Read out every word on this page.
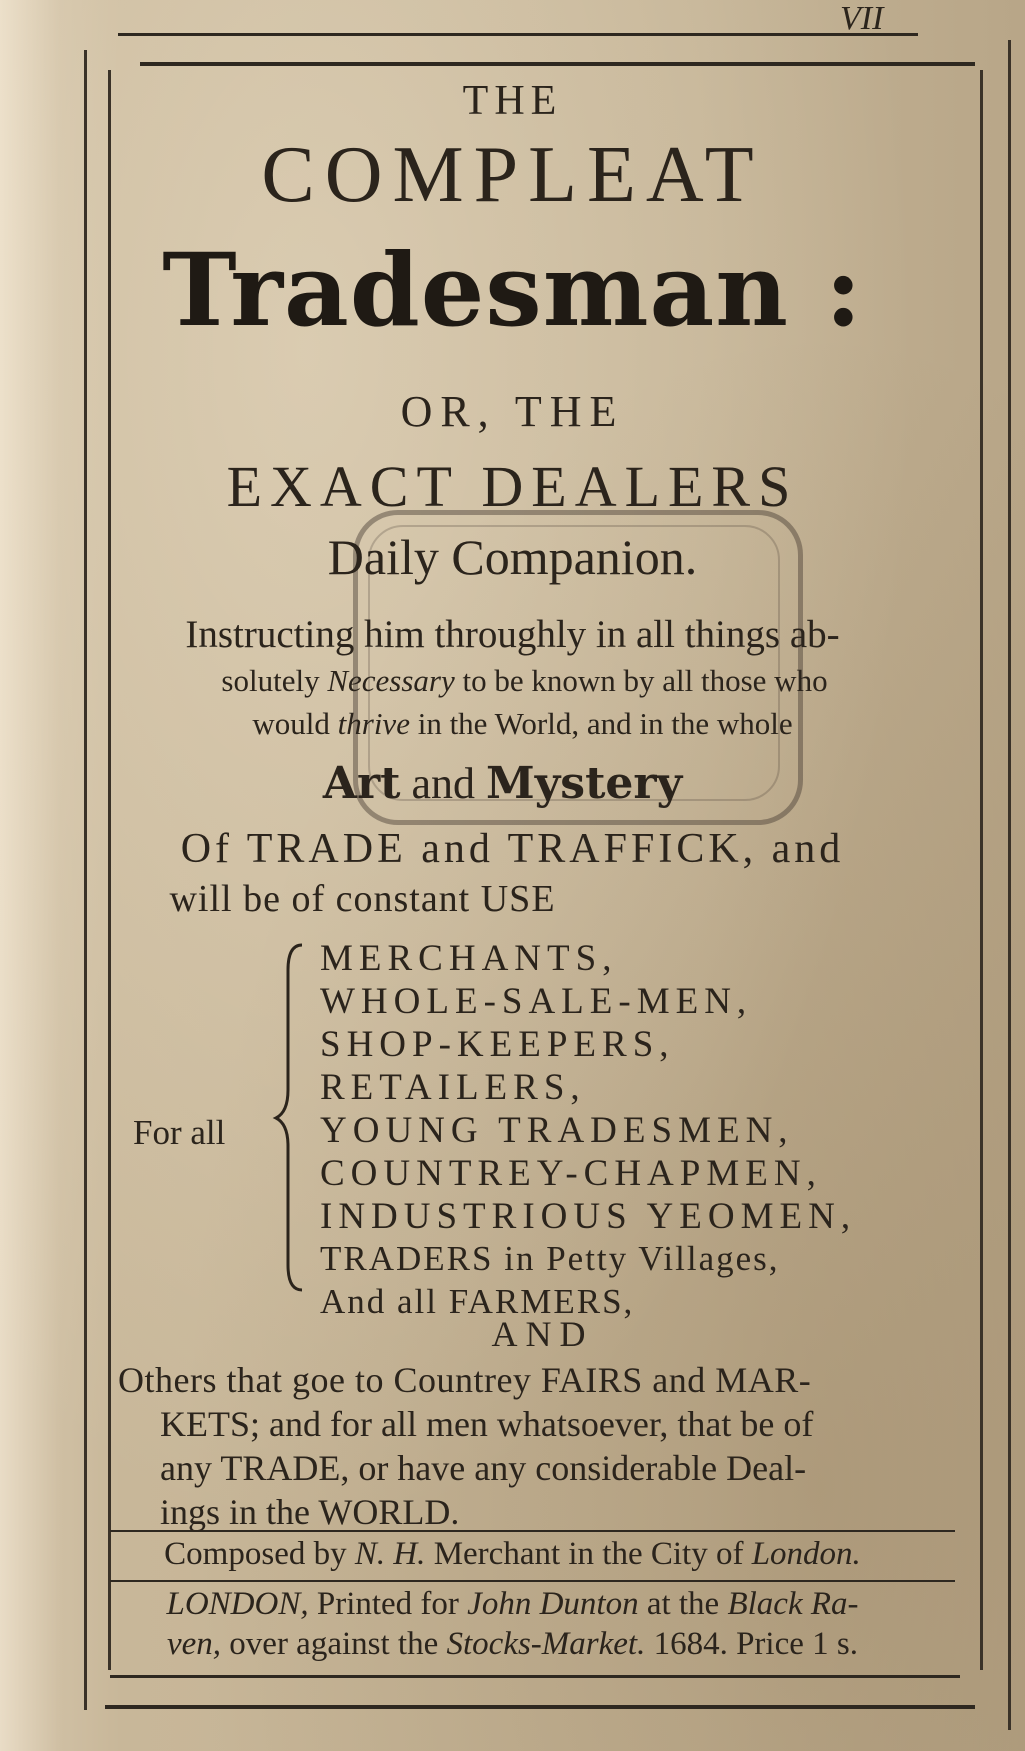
VII
THE
COMPLEAT
Tradesman :
OR, THE
EXACT DEALERS
Daily Companion.
Instructing him throughly in all things ab-
solutely Necessary to be known by all those who
would thrive in the World, and in the whole
Art and Mystery
Of TRADE and TRAFFICK, and
will be of constant USE
For all
AND
Others that goe to Countrey FAIRS and MAR-
KETS; and for all men whatsoever, that be of
any TRADE, or have any considerable Deal-
ings in the WORLD.
Composed by N. H. Merchant in the City of London.
LONDON, Printed for John Dunton at the Black Ra-
ven, over against the Stocks-Market. 1684. Price 1 s.
MERCHANTS,
WHOLE-SALE-MEN,
SHOP-KEEPERS,
RETAILERS,
YOUNG TRADESMEN,
COUNTREY-CHAPMEN,
INDUSTRIOUS YEOMEN,
TRADERS in Petty Villages,
And all FARMERS,
